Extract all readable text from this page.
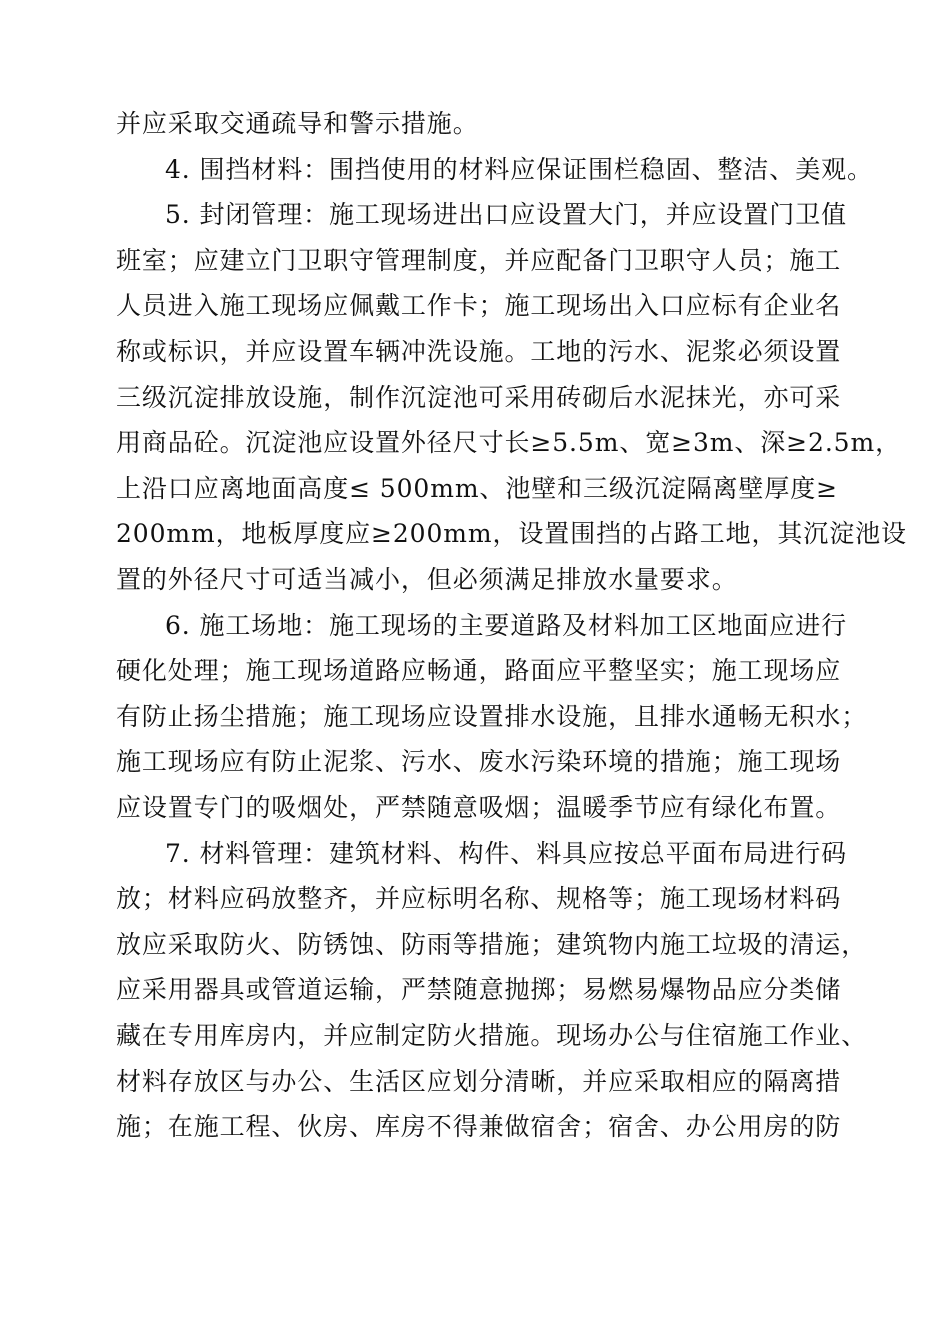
并应采取交通疏导和警示措施。
4. 围挡材料：围挡使用的材料应保证围栏稳固、整洁、美观。
5. 封闭管理：施工现场进出口应设置大门，并应设置门卫值
班室；应建立门卫职守管理制度，并应配备门卫职守人员；施工
人员进入施工现场应佩戴工作卡；施工现场出入口应标有企业名
称或标识，并应设置车辆冲洗设施。工地的污水、泥浆必须设置
三级沉淀排放设施，制作沉淀池可采用砖砌后水泥抹光，亦可采
用商品砼。沉淀池应设置外径尺寸长≥5.5m、宽≥3m、深≥2.5m，
上沿口应离地面高度≤ 500mm、池壁和三级沉淀隔离壁厚度≥
200mm，地板厚度应≥200mm，设置围挡的占路工地，其沉淀池设
置的外径尺寸可适当减小，但必须满足排放水量要求。
6. 施工场地：施工现场的主要道路及材料加工区地面应进行
硬化处理；施工现场道路应畅通，路面应平整坚实；施工现场应
有防止扬尘措施；施工现场应设置排水设施，且排水通畅无积水；
施工现场应有防止泥浆、污水、废水污染环境的措施；施工现场
应设置专门的吸烟处，严禁随意吸烟；温暖季节应有绿化布置。
7. 材料管理：建筑材料、构件、料具应按总平面布局进行码
放；材料应码放整齐，并应标明名称、规格等；施工现场材料码
放应采取防火、防锈蚀、防雨等措施；建筑物内施工垃圾的清运，
应采用器具或管道运输，严禁随意抛掷；易燃易爆物品应分类储
藏在专用库房内，并应制定防火措施。现场办公与住宿施工作业、
材料存放区与办公、生活区应划分清晰，并应采取相应的隔离措
施；在施工程、伙房、库房不得兼做宿舍；宿舍、办公用房的防
